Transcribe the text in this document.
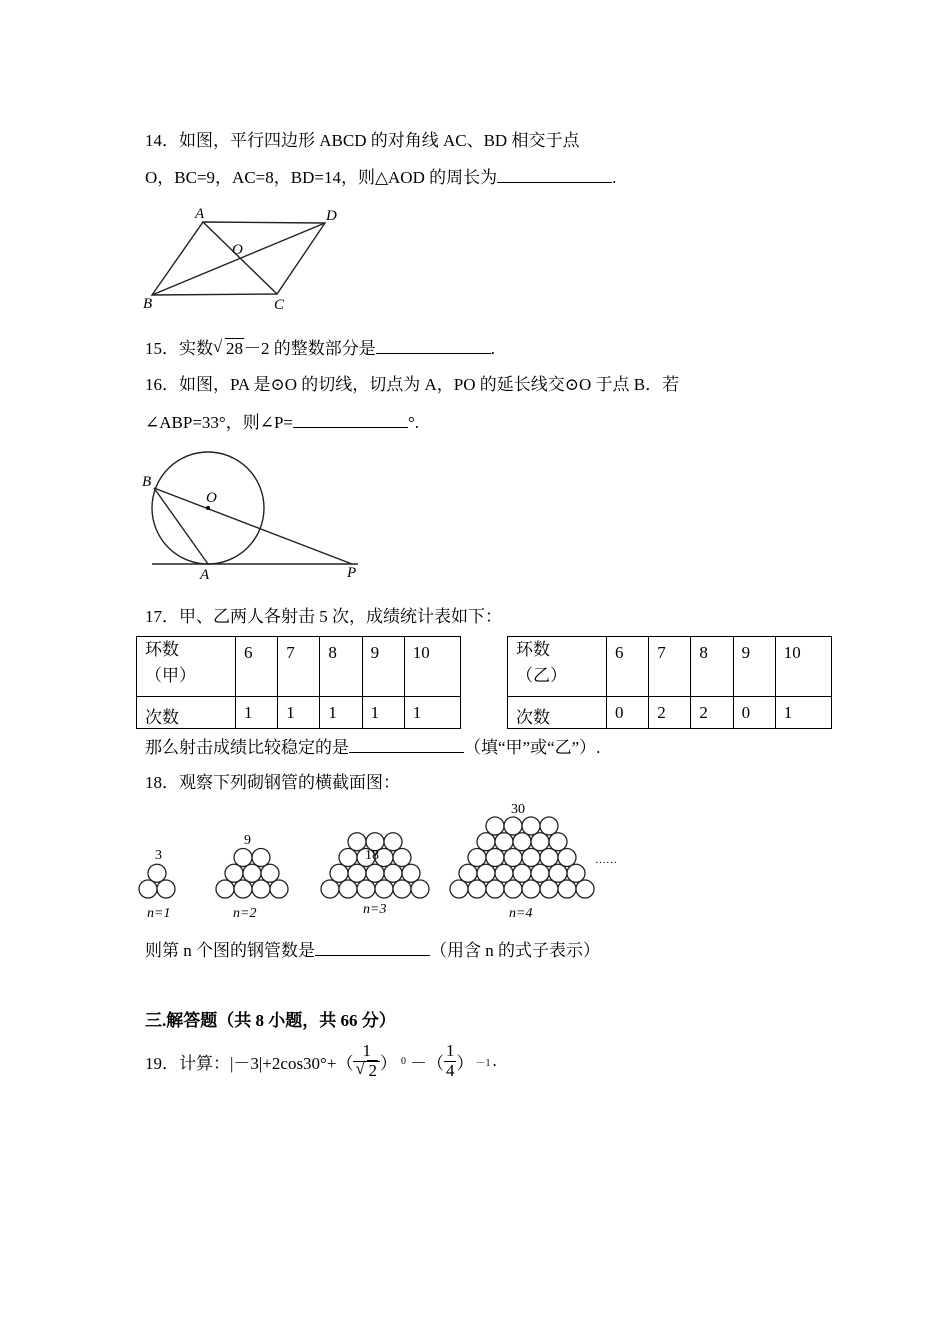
14．如图，平行四边形 ABCD 的对角线 AC、BD 相交于点
O，BC=9，AC=8，BD=14，则△AOD 的周长为	.
A	D
O
B	C
15．实数 √ 28－2 的整数部分是	.
16．如图，PA 是⊙O 的切线，切点为 A，PO 的延长线交⊙O 于点 B．若
∠ABP=33°，则∠P=	°.
B
O
A	P
17．甲、乙两人各射击 5 次，成绩统计表如下：
环数
（甲）	6	7	8	9	10
次数	1	1	1	1	1
环数
（乙）	6	7	8	9	10
次数	0	2	2	0	1
那么射击成绩比较稳定的是	（填“甲”或“乙”）.
18．观察下列砌钢管的横截面图：
3
9
18
30
n=1	n=2	n=3	n=4
……
则第 n 个图的钢管数是	（用含 n 的式子表示）
三.解答题（共 8 小题，共 66 分）
19．计算：$|-3|+2\cos 30^\circ+( \frac{1}{√ 2}$ ） 0 －（ $\frac{1}{4}$ ） －1 .
